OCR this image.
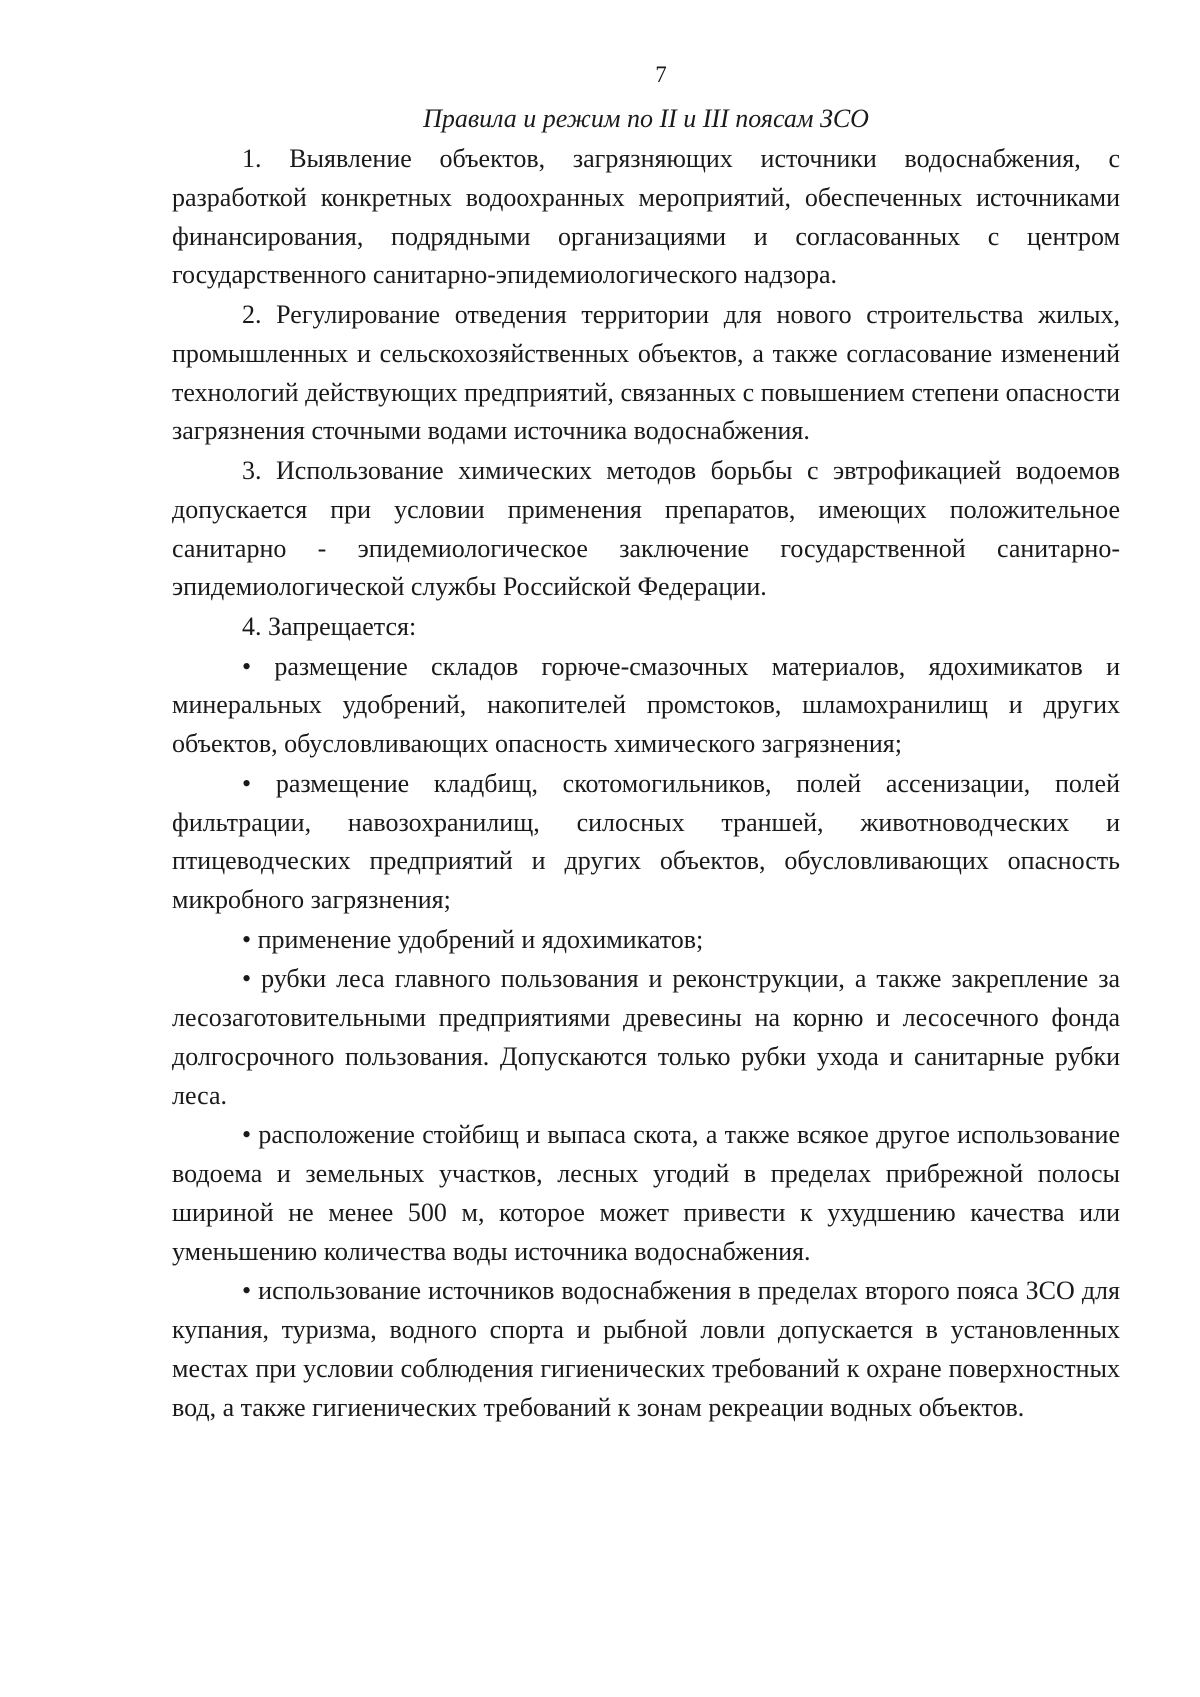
7
Правила и режим по II и III поясам ЗСО

1. Выявление объектов, загрязняющих источники водоснабжения, с разработкой конкретных водоохранных мероприятий, обеспеченных источниками финансирования, подрядными организациями и согласованных с центром государственного санитарно-эпидемиологического надзора.

2. Регулирование отведения территории для нового строительства жилых, промышленных и сельскохозяйственных объектов, а также согласование изменений технологий действующих предприятий, связанных с повышением степени опасности загрязнения сточными водами источника водоснабжения.

3. Использование химических методов борьбы с эвтрофикацией водоемов допускается при условии применения препаратов, имеющих положительное санитарно - эпидемиологическое заключение государственной санитарно-эпидемиологической службы Российской Федерации.

4. Запрещается:

• размещение складов горюче-смазочных материалов, ядохимикатов и минеральных удобрений, накопителей промстоков, шламохранилищ и других объектов, обусловливающих опасность химического загрязнения;

• размещение кладбищ, скотомогильников, полей ассенизации, полей фильтрации, навозохранилищ, силосных траншей, животноводческих и птицеводческих предприятий и других объектов, обусловливающих опасность микробного загрязнения;

• применение удобрений и ядохимикатов;

• рубки леса главного пользования и реконструкции, а также закрепление за лесозаготовительными предприятиями древесины на корню и лесосечного фонда долгосрочного пользования. Допускаются только рубки ухода и санитарные рубки леса.

• расположение стойбищ и выпаса скота, а также всякое другое использование водоема и земельных участков, лесных угодий в пределах прибрежной полосы шириной не менее 500 м, которое может привести к ухудшению качества или уменьшению количества воды источника водоснабжения.

• использование источников водоснабжения в пределах второго пояса ЗСО для купания, туризма, водного спорта и рыбной ловли допускается в установленных местах при условии соблюдения гигиенических требований к охране поверхностных вод, а также гигиенических требований к зонам рекреации водных объектов.
